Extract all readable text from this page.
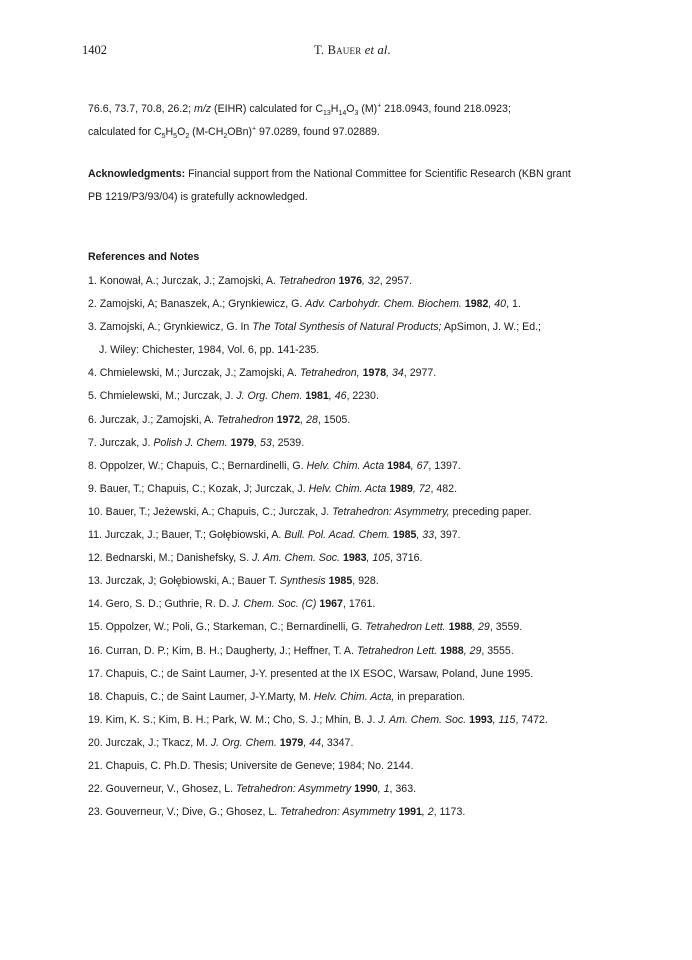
1402	T. Bauer et al.
76.6, 73.7, 70.8, 26.2; m/z (EIHR) calculated for $C_{13}H_{14}O_3$ (M)+ 218.0943, found 218.0923;
calculated for $C_5H_5O_2$ $(M-CH_2OBn)^+$ 97.0289, found 97.02889.
Acknowledgments: Financial support from the National Committee for Scientific Research (KBN grant
PB 1219/P3/93/04) is gratefully acknowledged.
References and Notes
1. Konował, A.; Jurczak, J.; Zamojski, A. Tetrahedron 1976, 32, 2957.
2. Zamojski, A; Banaszek, A.; Grynkiewicz, G. Adv. Carbohydr. Chem. Biochem. 1982, 40, 1.
3. Zamojski, A.; Grynkiewicz, G. In The Total Synthesis of Natural Products; ApSimon, J. W.; Ed.;
J. Wiley: Chichester, 1984, Vol. 6, pp. 141-235.
4. Chmielewski, M.; Jurczak, J.; Zamojski, A. Tetrahedron, 1978, 34, 2977.
5. Chmielewski, M.; Jurczak, J. J. Org. Chem. 1981, 46, 2230.
6. Jurczak, J.; Zamojski, A. Tetrahedron 1972, 28, 1505.
7. Jurczak, J. Polish J. Chem. 1979, 53, 2539.
8. Oppolzer, W.; Chapuis, C.; Bernardinelli, G. Helv. Chim. Acta 1984, 67, 1397.
9. Bauer, T.; Chapuis, C.; Kozak, J; Jurczak, J. Helv. Chim. Acta 1989, 72, 482.
10. Bauer, T.; Jeżewski, A.; Chapuis, C.; Jurczak, J. Tetrahedron: Asymmetry, preceding paper.
11. Jurczak, J.; Bauer, T.; Gołębiowski, A. Bull. Pol. Acad. Chem. 1985, 33, 397.
12. Bednarski, M.; Danishefsky, S. J. Am. Chem. Soc. 1983, 105, 3716.
13. Jurczak, J; Gołębiowski, A.; Bauer T. Synthesis 1985, 928.
14. Gero, S. D.; Guthrie, R. D. J. Chem. Soc. (C) 1967, 1761.
15. Oppolzer, W.; Poli, G.; Starkeman, C.; Bernardinelli, G. Tetrahedron Lett. 1988, 29, 3559.
16. Curran, D. P.; Kim, B. H.; Daugherty, J.; Heffner, T. A. Tetrahedron Lett. 1988, 29, 3555.
17. Chapuis, C.; de Saint Laumer, J-Y. presented at the IX ESOC, Warsaw, Poland, June 1995.
18. Chapuis, C.; de Saint Laumer, J-Y.Marty, M. Helv. Chim. Acta, in preparation.
19. Kim, K. S.; Kim, B. H.; Park, W. M.; Cho, S. J.; Mhin, B. J. J. Am. Chem. Soc. 1993, 115, 7472.
20. Jurczak, J.; Tkacz, M. J. Org. Chem. 1979, 44, 3347.
21. Chapuis, C. Ph.D. Thesis; Universite de Geneve; 1984; No. 2144.
22. Gouverneur, V., Ghosez, L. Tetrahedron: Asymmetry 1990, 1, 363.
23. Gouverneur, V.; Dive, G.; Ghosez, L. Tetrahedron: Asymmetry 1991, 2, 1173.
